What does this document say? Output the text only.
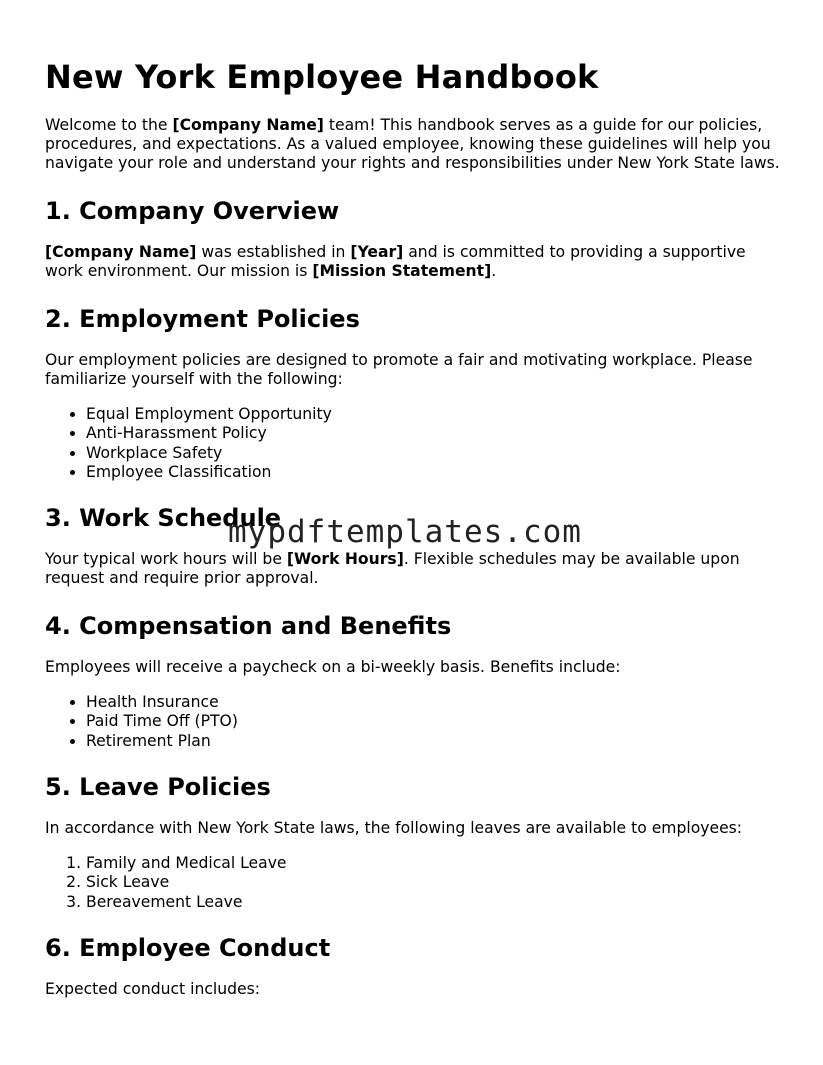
New York Employee Handbook

Welcome to the [Company Name] team! This handbook serves as a guide for our policies, procedures, and expectations. As a valued employee, knowing these guidelines will help you navigate your role and understand your rights and responsibilities under New York State laws.

1. Company Overview

[Company Name] was established in [Year] and is committed to providing a supportive work environment. Our mission is [Mission Statement].

2. Employment Policies

Our employment policies are designed to promote a fair and motivating workplace. Please familiarize yourself with the following:

• Equal Employment Opportunity
• Anti-Harassment Policy
• Workplace Safety
• Employee Classification
3. Work Schedule

Your typical work hours will be [Work Hours]. Flexible schedules may be available upon request and require prior approval.

4. Compensation and Benefits

Employees will receive a paycheck on a bi-weekly basis. Benefits include:

• Health Insurance
• Paid Time Off (PTO)
• Retirement Plan
5. Leave Policies

In accordance with New York State laws, the following leaves are available to employees:

1. Family and Medical Leave
2. Sick Leave
3. Bereavement Leave
6. Employee Conduct

Expected conduct includes:

mypdftemplates.com
